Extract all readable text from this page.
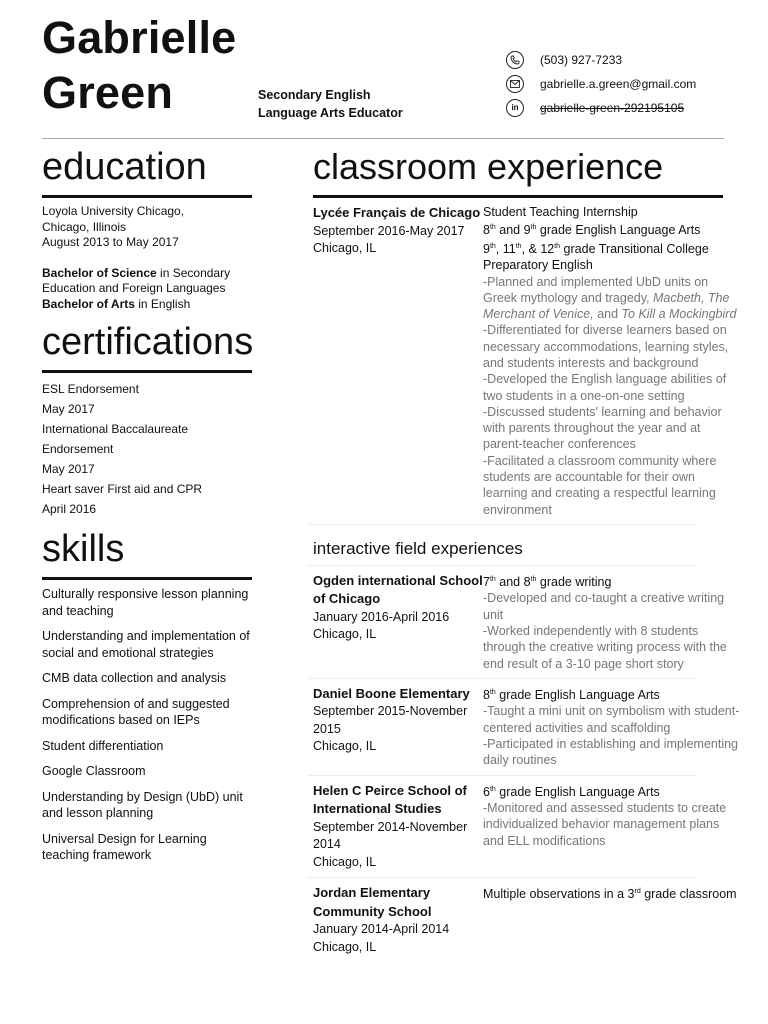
Gabrielle
Green	Secondary English
Language Arts Educator
(503) 927-7233
gabrielle.a.green@gmail.com
in gabrielle-green-292195105
education
Loyola University Chicago,
Chicago, Illinois
August 2013 to May 2017
Bachelor of Science in Secondary Education and Foreign Languages
Bachelor of Arts in English
certifications
ESL Endorsement
May 2017
International Baccalaureate
Endorsement
May 2017
Heart saver First aid and CPR
April 2016
skills
Culturally responsive lesson planning and teaching
Understanding and implementation of social and emotional strategies
CMB data collection and analysis
Comprehension of and suggested modifications based on IEPs
Student differentiation
Google Classroom
Understanding by Design (UbD) unit and lesson planning
Universal Design for Learning teaching framework
classroom experience
Lycée Français de Chicago
September 2016-May 2017
Chicago, IL
Student Teaching Internship
8th and 9th grade English Language Arts
9th, 11th, & 12th grade Transitional College Preparatory English
-Planned and implemented UbD units on Greek mythology and tragedy, Macbeth, The Merchant of Venice, and To Kill a Mockingbird
-Differentiated for diverse learners based on necessary accommodations, learning styles, and students interests and background
-Developed the English language abilities of two students in a one-on-one setting
-Discussed students' learning and behavior with parents throughout the year and at parent-teacher conferences
-Facilitated a classroom community where students are accountable for their own learning and creating a respectful learning environment
interactive field experiences
Ogden international School of Chicago
January 2016-April 2016
Chicago, IL
7th and 8th grade writing
-Developed and co-taught a creative writing unit
-Worked independently with 8 students through the creative writing process with the end result of a 3-10 page short story
Daniel Boone Elementary
September 2015-November 2015
Chicago, IL
8th grade English Language Arts
-Taught a mini unit on symbolism with student-centered activities and scaffolding
-Participated in establishing and implementing daily routines
Helen C Peirce School of International Studies
September 2014-November 2014
Chicago, IL
6th grade English Language Arts
-Monitored and assessed students to create individualized behavior management plans and ELL modifications
Jordan Elementary Community School
January 2014-April 2014
Chicago, IL
Multiple observations in a 3rd grade classroom
